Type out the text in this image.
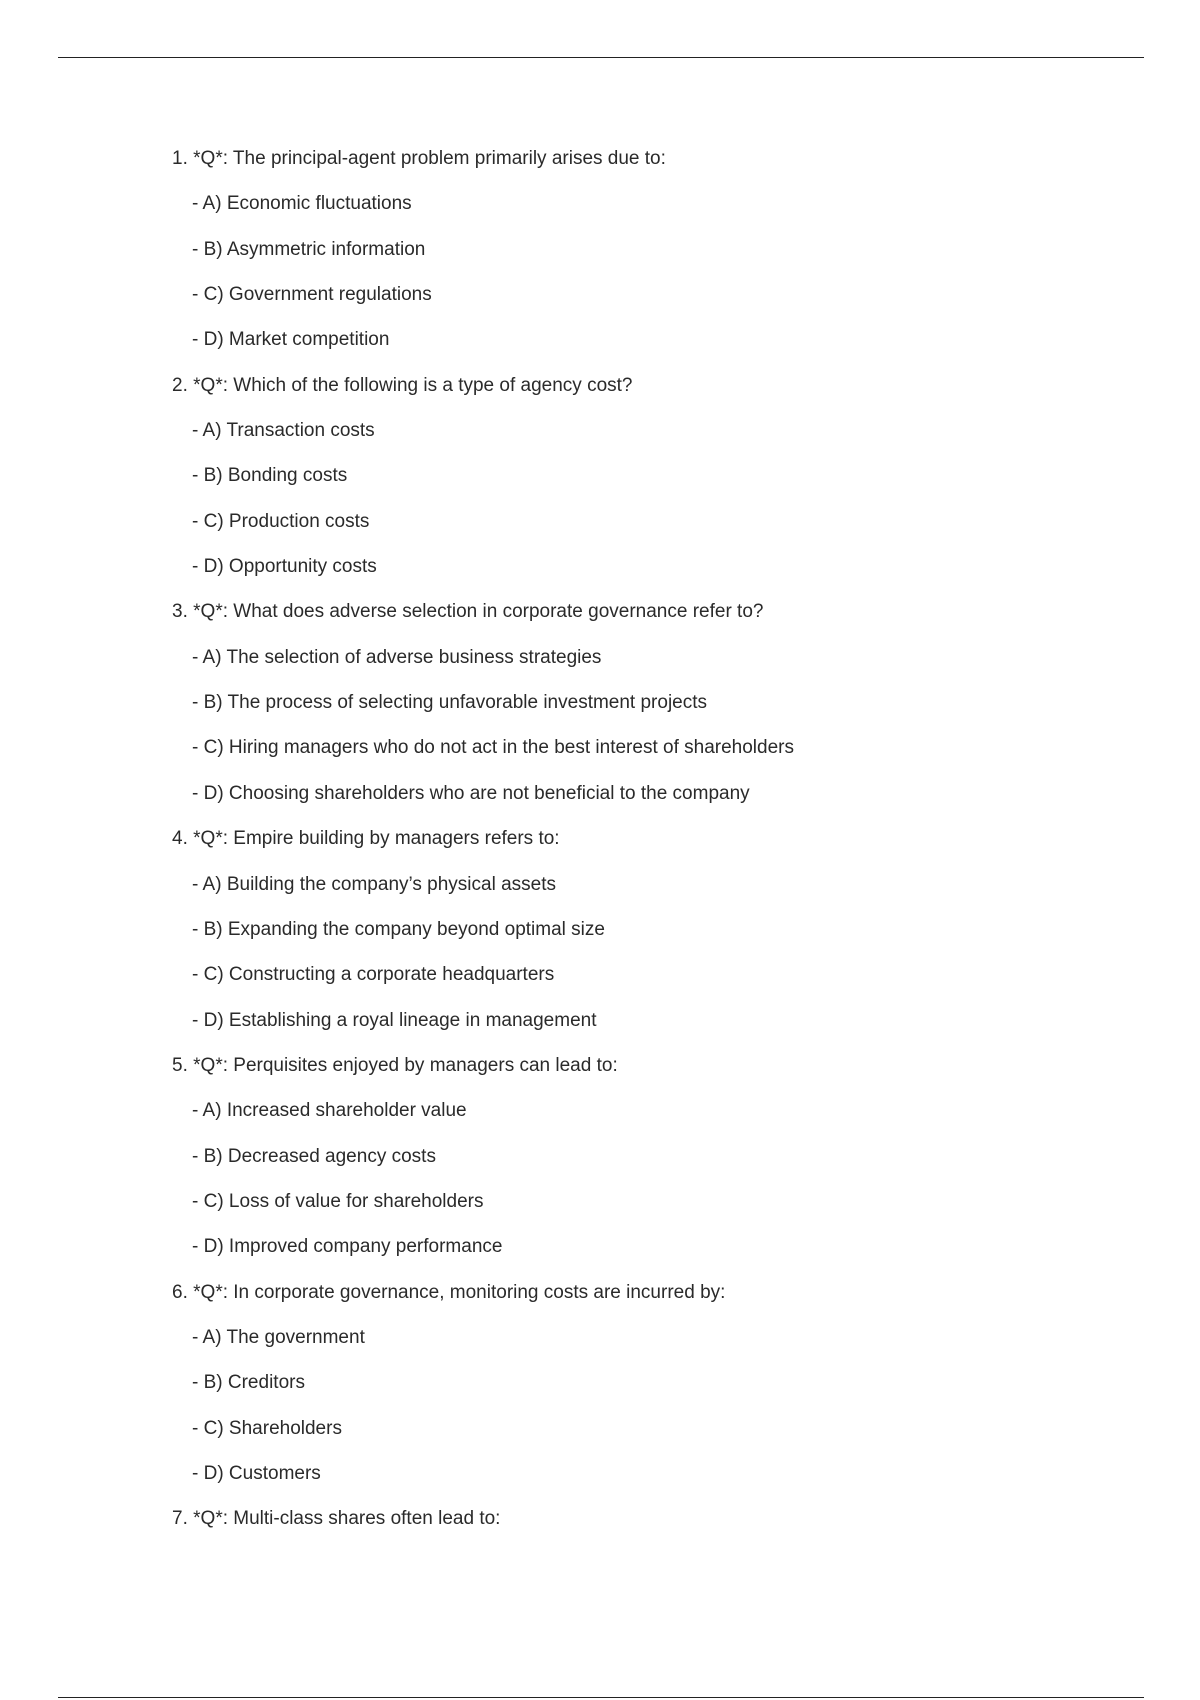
1. *Q*: The principal-agent problem primarily arises due to:
- A) Economic fluctuations
- B) Asymmetric information
- C) Government regulations
- D) Market competition
2. *Q*: Which of the following is a type of agency cost?
- A) Transaction costs
- B) Bonding costs
- C) Production costs
- D) Opportunity costs
3. *Q*: What does adverse selection in corporate governance refer to?
- A) The selection of adverse business strategies
- B) The process of selecting unfavorable investment projects
- C) Hiring managers who do not act in the best interest of shareholders
- D) Choosing shareholders who are not beneficial to the company
4. *Q*: Empire building by managers refers to:
- A) Building the company’s physical assets
- B) Expanding the company beyond optimal size
- C) Constructing a corporate headquarters
- D) Establishing a royal lineage in management
5. *Q*: Perquisites enjoyed by managers can lead to:
- A) Increased shareholder value
- B) Decreased agency costs
- C) Loss of value for shareholders
- D) Improved company performance
6. *Q*: In corporate governance, monitoring costs are incurred by:
- A) The government
- B) Creditors
- C) Shareholders
- D) Customers
7. *Q*: Multi-class shares often lead to:
